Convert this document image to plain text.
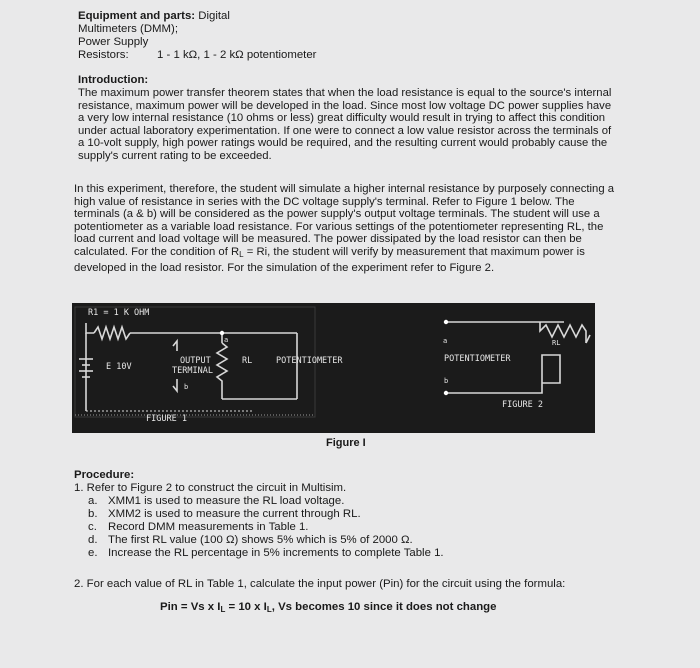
Equipment and parts: Digital

Multimeters (DMM);

Power Supply

Resistors: 1 - 1 kΩ, 1 - 2 kΩ potentiometer

Introduction:

The maximum power transfer theorem states that when the load resistance is equal to the source's internal resistance, maximum power will be developed in the load. Since most low voltage DC power supplies have a very low internal resistance (10 ohms or less) great difficulty would result in trying to affect this condition under actual laboratory experimentation. If one were to connect a low value resistor across the terminals of a 10-volt supply, high power ratings would be required, and the resulting current would probably cause the supply's current rating to be exceeded.

In this experiment, therefore, the student will simulate a higher internal resistance by purposely connecting a high value of resistance in series with the DC voltage supply's terminal. Refer to Figure 1 below. The terminals (a & b) will be considered as the power supply's output voltage terminals. The student will use a potentiometer as a variable load resistance. For various settings of the potentiometer representing RL, the load current and load voltage will be measured. The power dissipated by the load resistor can then be calculated. For the condition of $R_L = Ri$, the student will verify by measurement that maximum power is developed in the load resistor. For the simulation of the experiment refer to Figure 2.

R1 = 1 K OHM
a
E 10V
OUTPUT
TERMINAL
b
RL	POTENTIOMETER
FIGURE 1
a	RL
POTENTIOMETER
b
FIGURE 2
Figure I

Procedure:

1. Refer to Figure 2 to construct the circuit in Multisim.
a. XMM1 is used to measure the RL load voltage.
b. XMM2 is used to measure the current through RL.
c. Record DMM measurements in Table 1.
d. The first RL value (100 Ω) shows 5% which is 5% of 2000 Ω.
e. Increase the RL percentage in 5% increments to complete Table 1.
2. For each value of RL in Table 1, calculate the input power (Pin) for the circuit using the formula:
Pin = Vs x $I_L = 10$ x $I_L$, Vs becomes 10 since it does not change
